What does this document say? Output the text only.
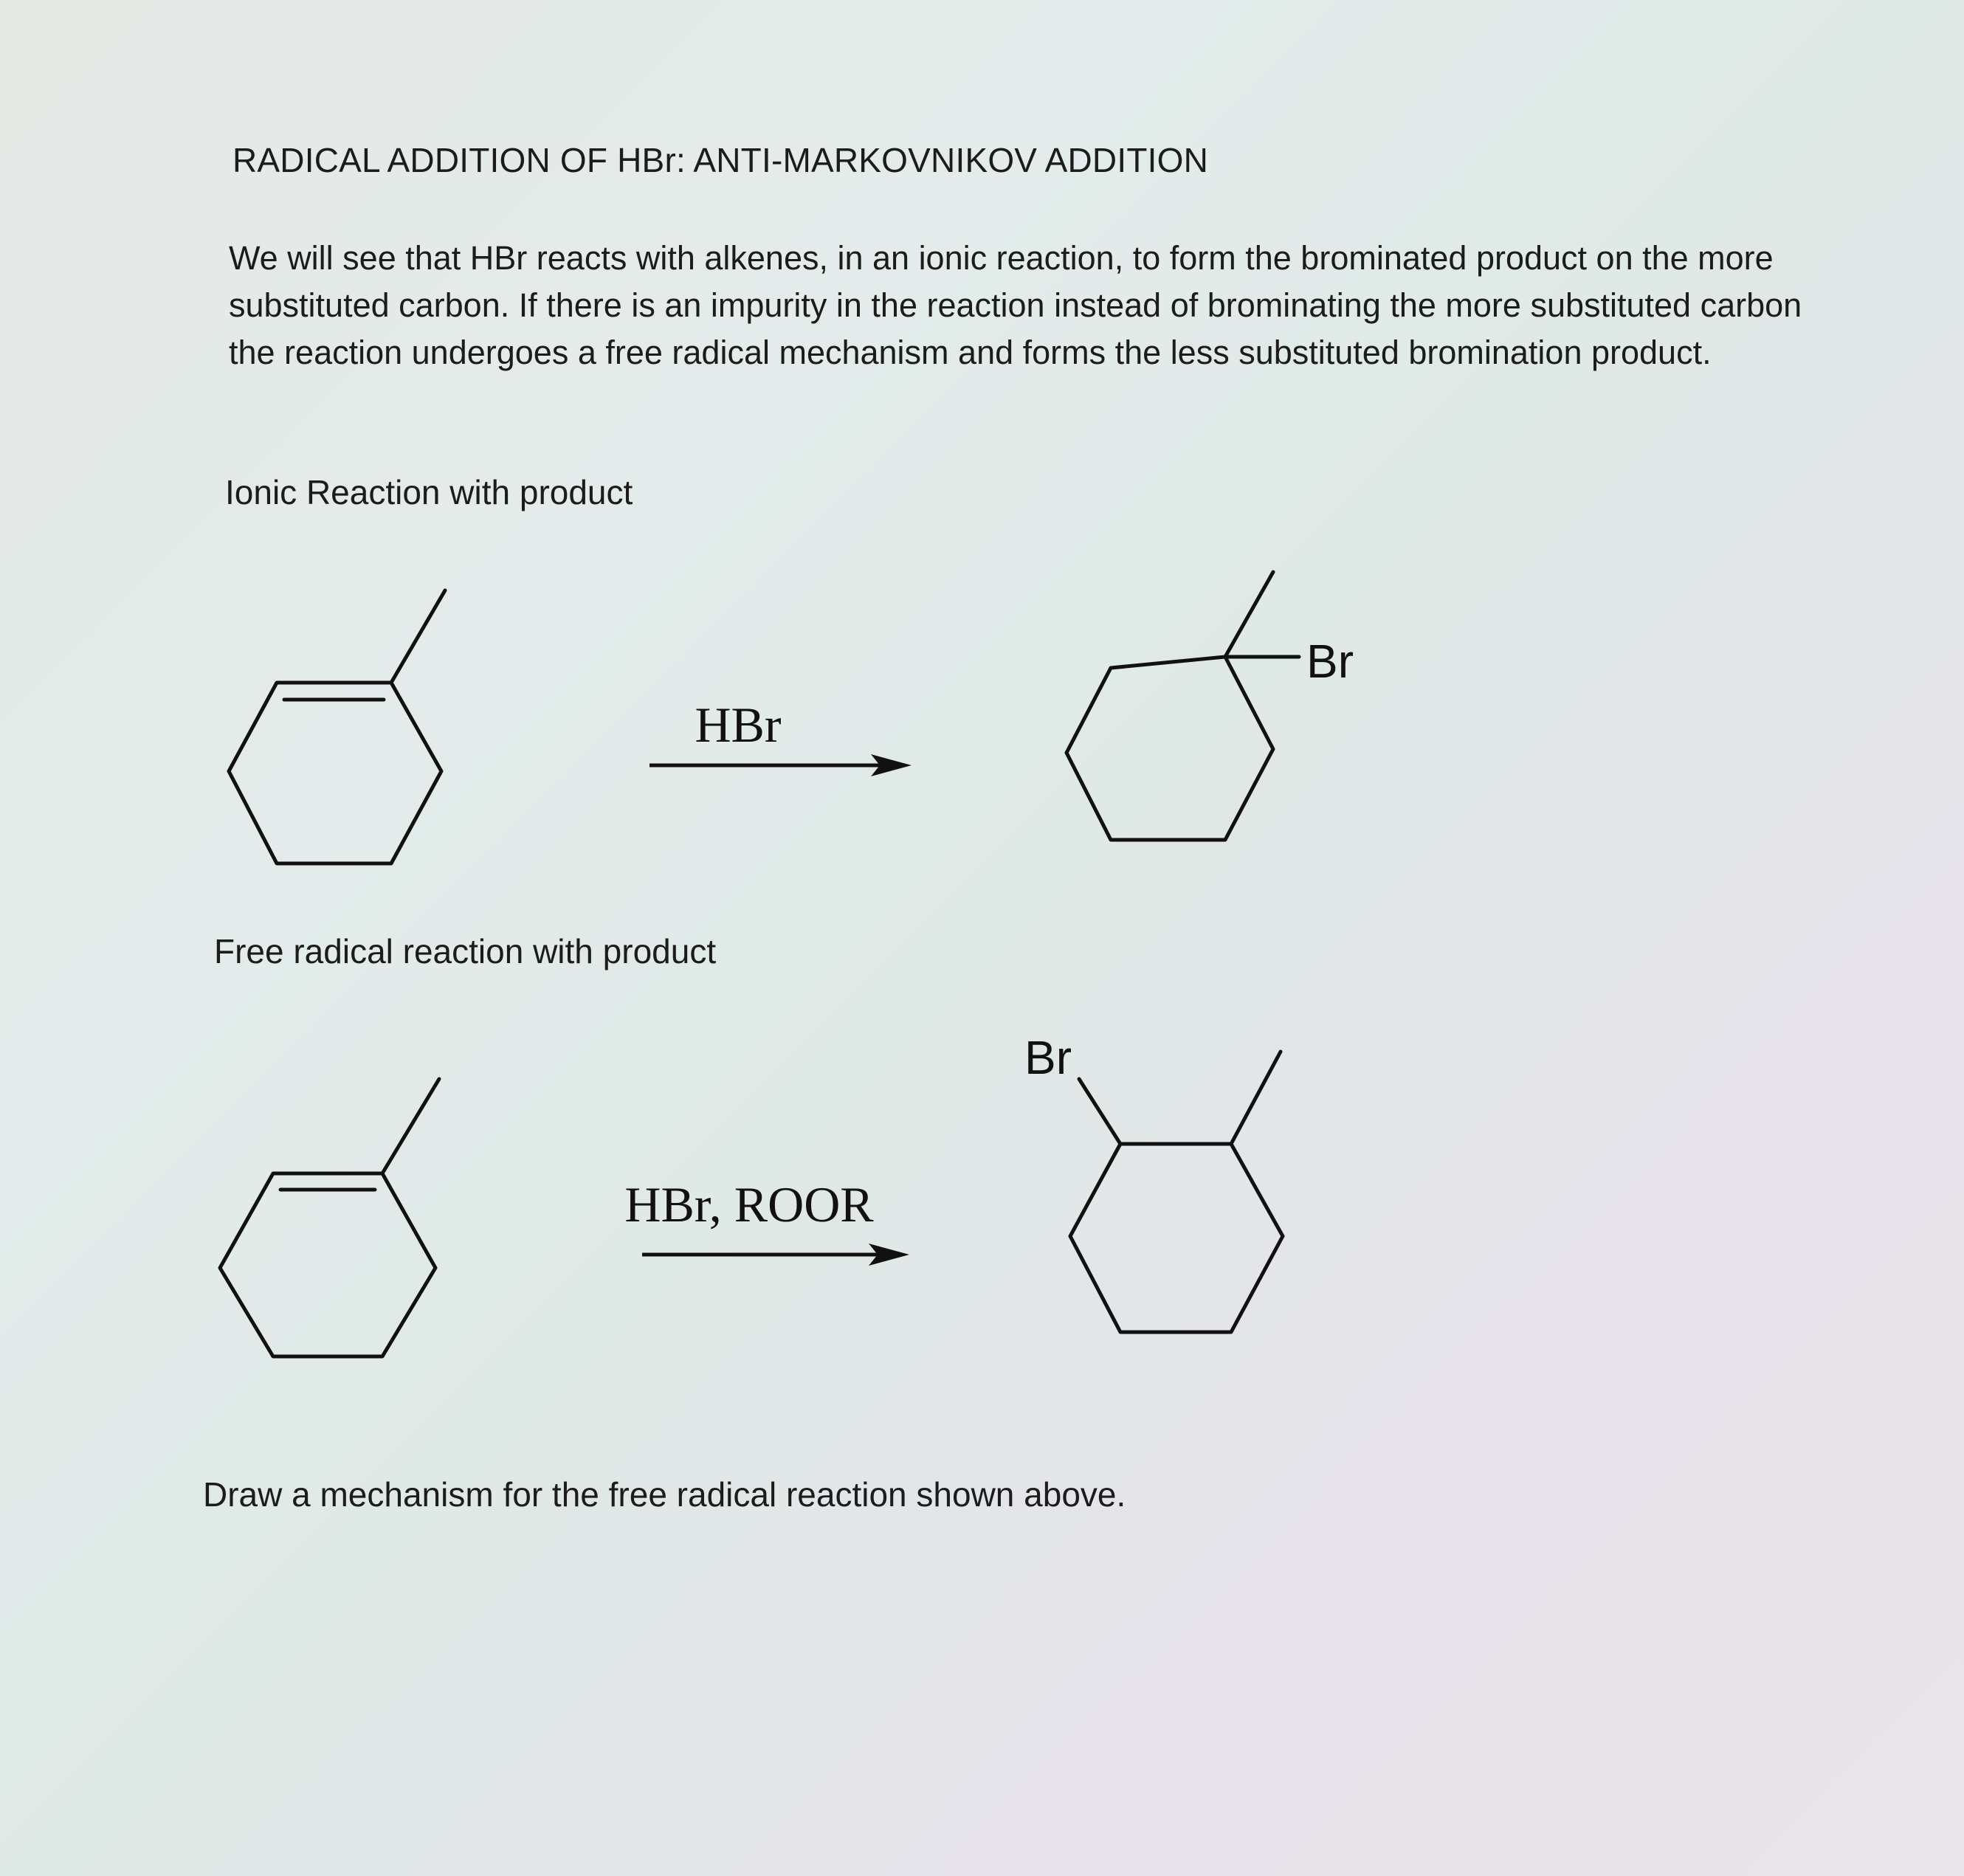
RADICAL ADDITION OF HBr: ANTI-MARKOVNIKOV ADDITION

We will see that HBr reacts with alkenes, in an ionic reaction, to form the brominated product on the more substituted carbon. If there is an impurity in the reaction instead of brominating the more substituted carbon the reaction undergoes a free radical mechanism and forms the less substituted bromination product.

Ionic Reaction with product

Free radical reaction with product

Draw a mechanism for the free radical reaction shown above.

HBr
Br
HBr, ROOR
Br
